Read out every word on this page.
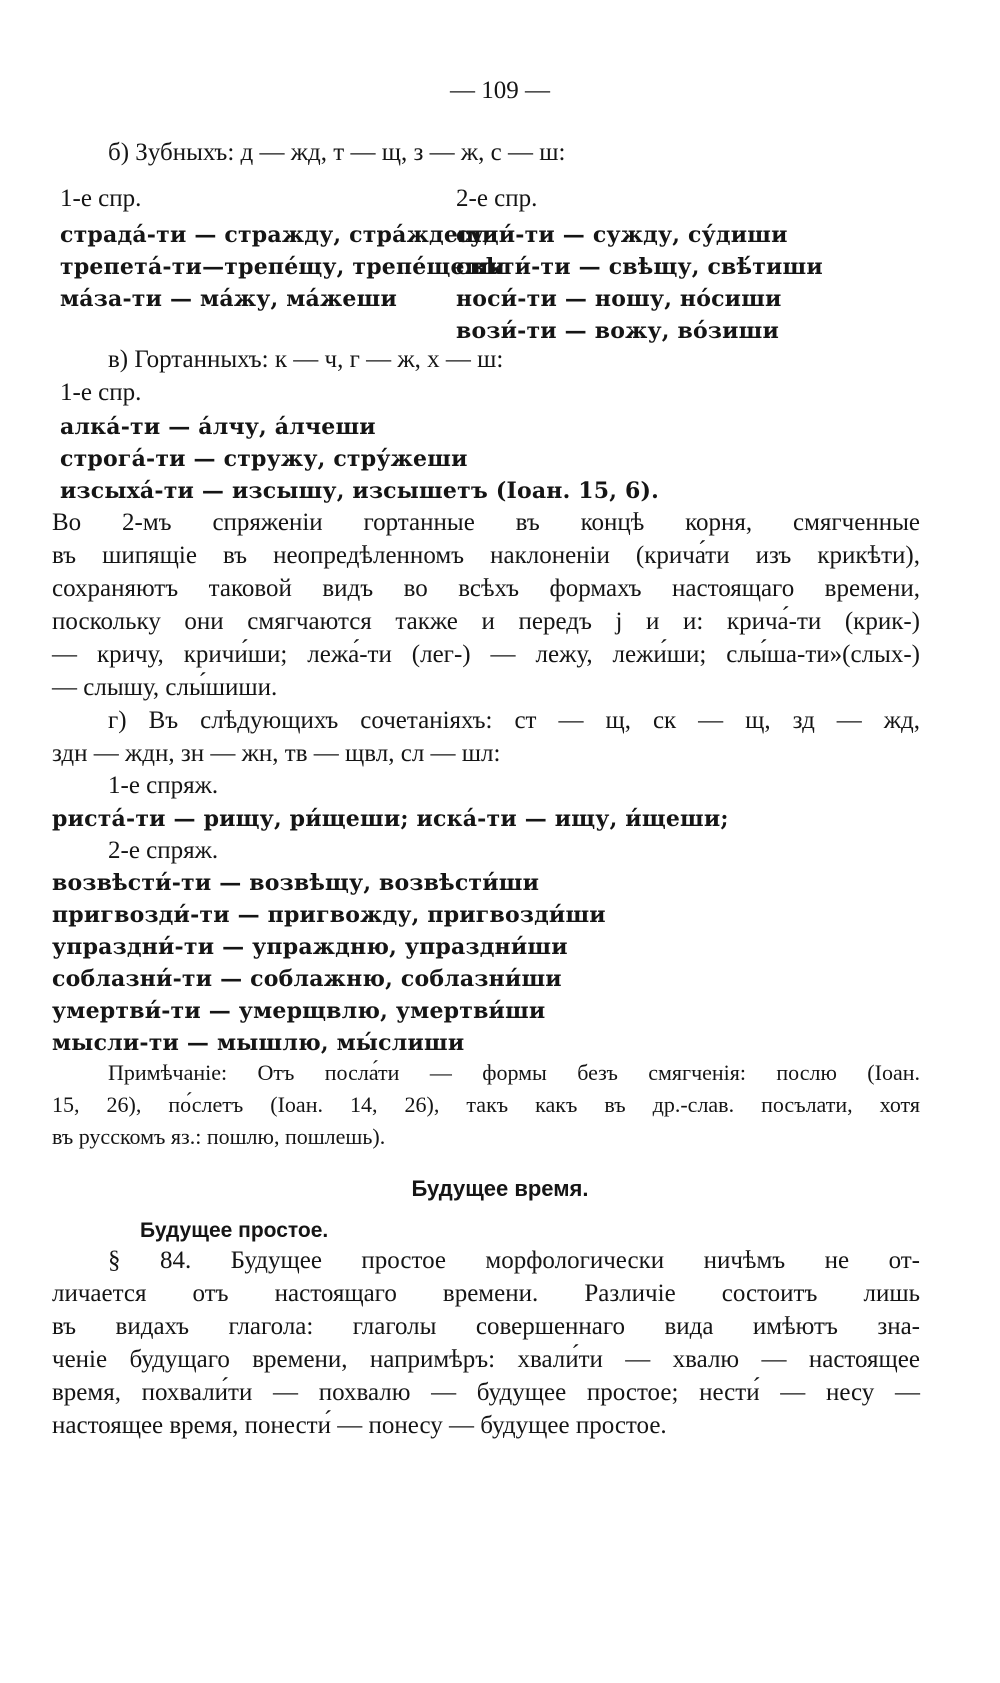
— 109 —
б) Зубныхъ: д — жд, т — щ, з — ж, с — ш:
1-е спр.	2-е спр.
страда́-ти — стражду, стра́ждеши
суди́-ти — сужду, су́диши
трепета́-ти—трепе́щу, трепе́щеши
свѣти́-ти — свѣщу, свѣ́тиши
ма́за-ти — ма́жу, ма́жеши	носи́-ти — ношу, но́сиши
вози́-ти — вожу, во́зиши
в) Гортанныхъ: к — ч, г — ж, х — ш:
1-е спр.
алка́-ти — а́лчу, а́лчеши
строга́-ти — стружу, стру́жеши
изсыха́-ти — изсышу, изсышетъ (Іоан. 15, 6).
Во 2-мъ спряженіи гортанные въ концѣ корня, смягченные
въ шипящіе въ неопредѣленномъ наклоненіи (крича́ти изъ крикѣти),
сохраняютъ таковой видъ во всѣхъ формахъ настоящаго времени,
поскольку они смягчаются также и передъ ј и и: крича́-ти (крик-)
— кричу, кричи́ши; лежа́-ти (лег-) — лежу, лежи́ши; слы́ша-ти»(слых-)
— слышу, слы́шиши.
г) Въ слѣдующихъ сочетаніяхъ: ст — щ, ск — щ, зд — жд,
здн — ждн, зн — жн, тв — щвл, сл — шл:
1-е спряж.
риста́-ти — рищу, ри́щеши; иска́-ти — ищу, и́щеши;
2-е спряж.
возвѣсти́-ти — возвѣщу, возвѣсти́ши
пригвозди́-ти — пригвожду, пригвозди́ши
упраздни́-ти — упраждню, упраздни́ши
соблазни́-ти — соблажню, соблазни́ши
умертви́-ти — умерщвлю, умертви́ши
мысли-ти — мышлю, мы́слиши
Примѣчаніе: Отъ посла́ти — формы безъ смягченія: послю (Іоан.
15, 26), по́слетъ (Іоан. 14, 26), такъ какъ въ др.-слав. посълати, хотя
въ русскомъ яз.: пошлю, пошлешь).
Будущее время.
Будущее простое.
§ 84. Будущее простое морфологически ничѣмъ не от-
личается отъ настоящаго времени. Различіе состоитъ лишь
въ видахъ глагола: глаголы совершеннаго вида имѣютъ зна-
ченіе будущаго времени, напримѣръ: хвали́ти — хвалю — настоящее
время, похвали́ти — похвалю — будущее простое; нести́ — несу —
настоящее время, понести́ — понесу — будущее простое.
